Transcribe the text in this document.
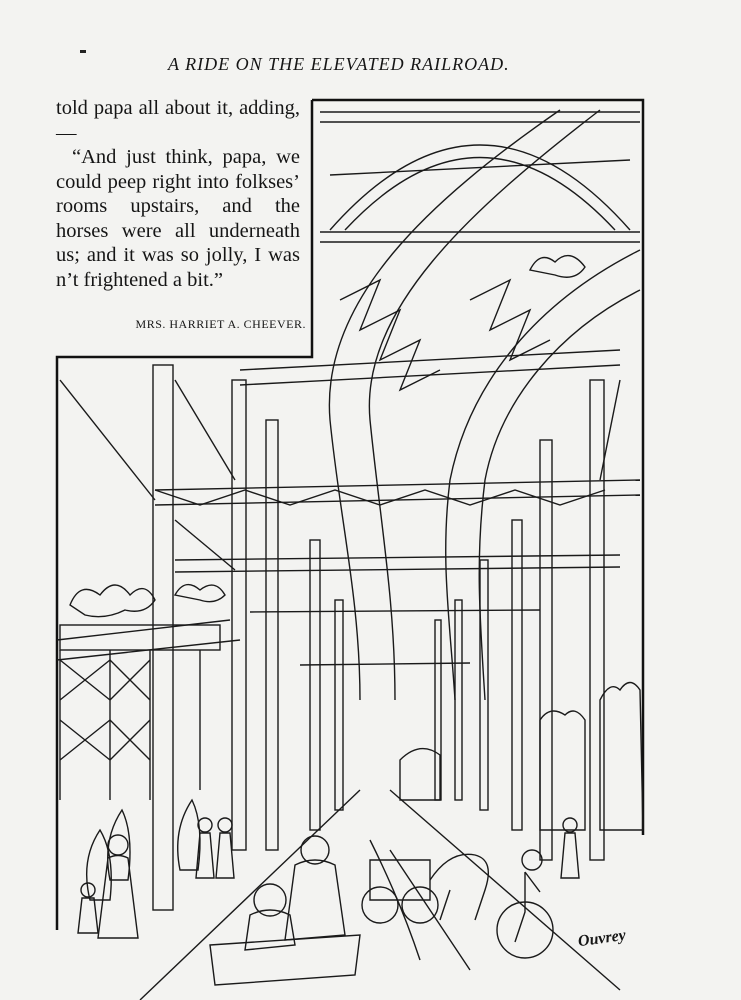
A RIDE ON THE ELEVATED RAILROAD.

told papa all about it, adding, —

“And just think, papa, we could peep right into folkses’ rooms upstairs, and the horses were all underneath us; and it was so jolly, I was n’t frightened a bit.”

MRS. HARRIET A. CHEEVER.
Ouvrey
